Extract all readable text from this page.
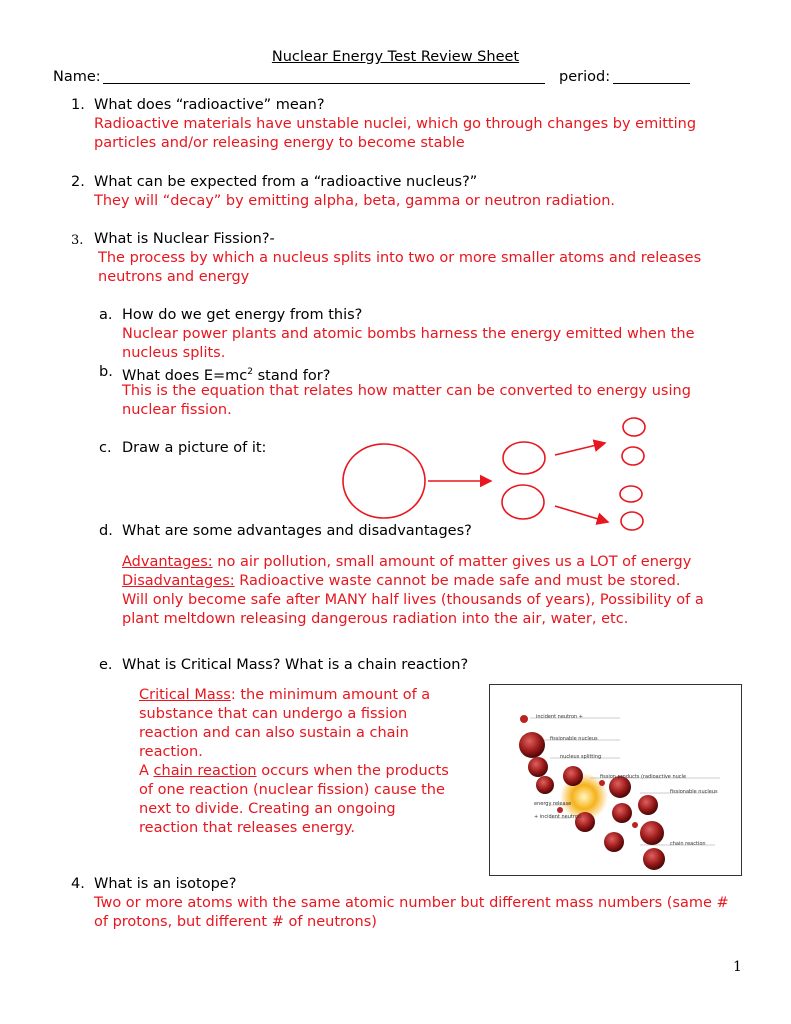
Nuclear Energy Test Review Sheet
Name:	period:
1. What does “radioactive” mean?
Radioactive materials have unstable nuclei, which go through changes by emitting
particles and/or releasing energy to become stable
2. What can be expected from a “radioactive nucleus?”
They will “decay” by emitting alpha, beta, gamma or neutron radiation.
3. What is Nuclear Fission?-
The process by which a nucleus splits into two or more smaller atoms and releases
neutrons and energy
a. How do we get energy from this?
Nuclear power plants and atomic bombs harness the energy emitted when the
nucleus splits.
b. What does $E=mc^2$ stand for?
This is the equation that relates how matter can be converted to energy using
nuclear fission.
c. Draw a picture of it:
d. What are some advantages and disadvantages?
Advantages: no air pollution, small amount of matter gives us a LOT of energy
Disadvantages: Radioactive waste cannot be made safe and must be stored.
Will only become safe after MANY half lives (thousands of years), Possibility of a
plant meltdown releasing dangerous radiation into the air, water, etc.
e. What is Critical Mass? What is a chain reaction?
Critical Mass: the minimum amount of a
substance that can undergo a fission
reaction and can also sustain a chain
reaction.
A chain reaction occurs when the products
of one reaction (nuclear fission) cause the
next to divide. Creating an ongoing
reaction that releases energy.
incident neutron +
fissionable nucleus
nucleus splitting
fission products (radioactive nucle
fissionable nucleus
energy release
+ incident neutron
chain reaction
4. What is an isotope?
Two or more atoms with the same atomic number but different mass numbers (same #
of protons, but different # of neutrons)
1
